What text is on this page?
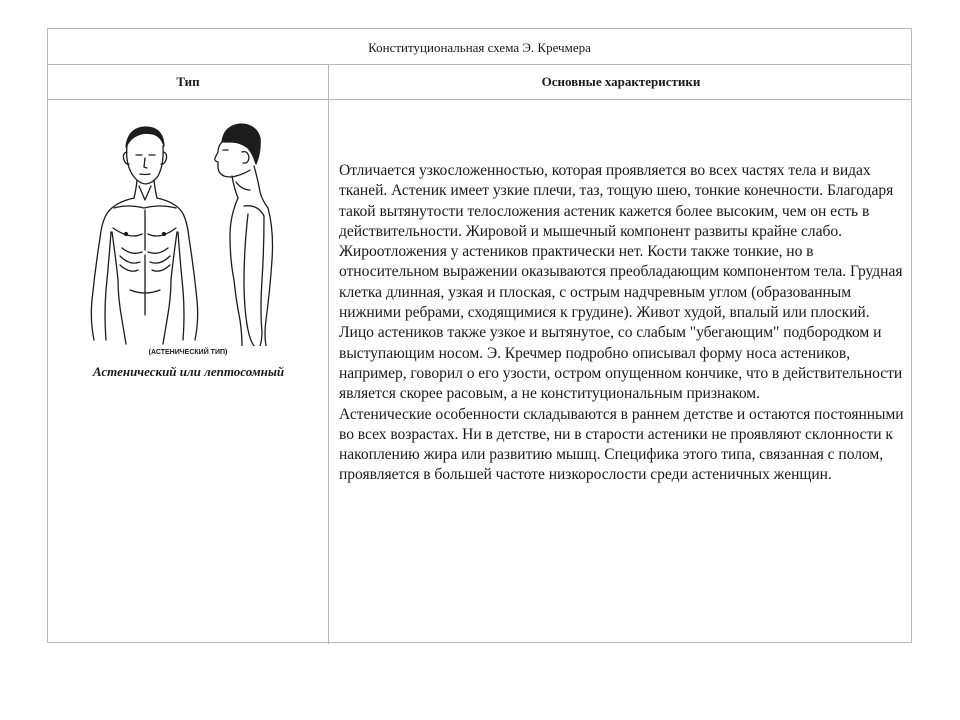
Конституциональная схема Э. Кречмера
Тип	Основные характеристики
(АСТЕНИЧЕСКИЙ ТИП)
Астенический или лептосомный

Отличается узкосложенностью, которая проявляется во всех частях тела и видах тканей. Астеник имеет узкие плечи, таз, тощую шею, тонкие конечности. Благодаря такой вытянутости телосложения астеник кажется более высоким, чем он есть в действительности. Жировой и мышечный компонент развиты крайне слабо. Жироотложения у астеников практически нет. Кости также тонкие, но в относительном выражении оказываются преобладающим компонентом тела. Грудная клетка длинная, узкая и плоская, с острым надчревным углом (образованным нижними ребрами, сходящимися к грудине). Живот худой, впалый или плоский.

Лицо астеников также узкое и вытянутое, со слабым "убегающим" подбородком и выступающим носом. Э. Кречмер подробно описывал форму носа астеников, например, говорил о его узости, остром опущенном кончике, что в действительности является скорее расовым, а не конституциональным признаком.

Астенические особенности складываются в раннем детстве и остаются постоянными во всех возрастах. Ни в детстве, ни в старости астеники не проявляют склонности к накоплению жира или развитию мышц. Специфика этого типа, связанная с полом, проявляется в большей частоте низкорослости среди астеничных женщин.
